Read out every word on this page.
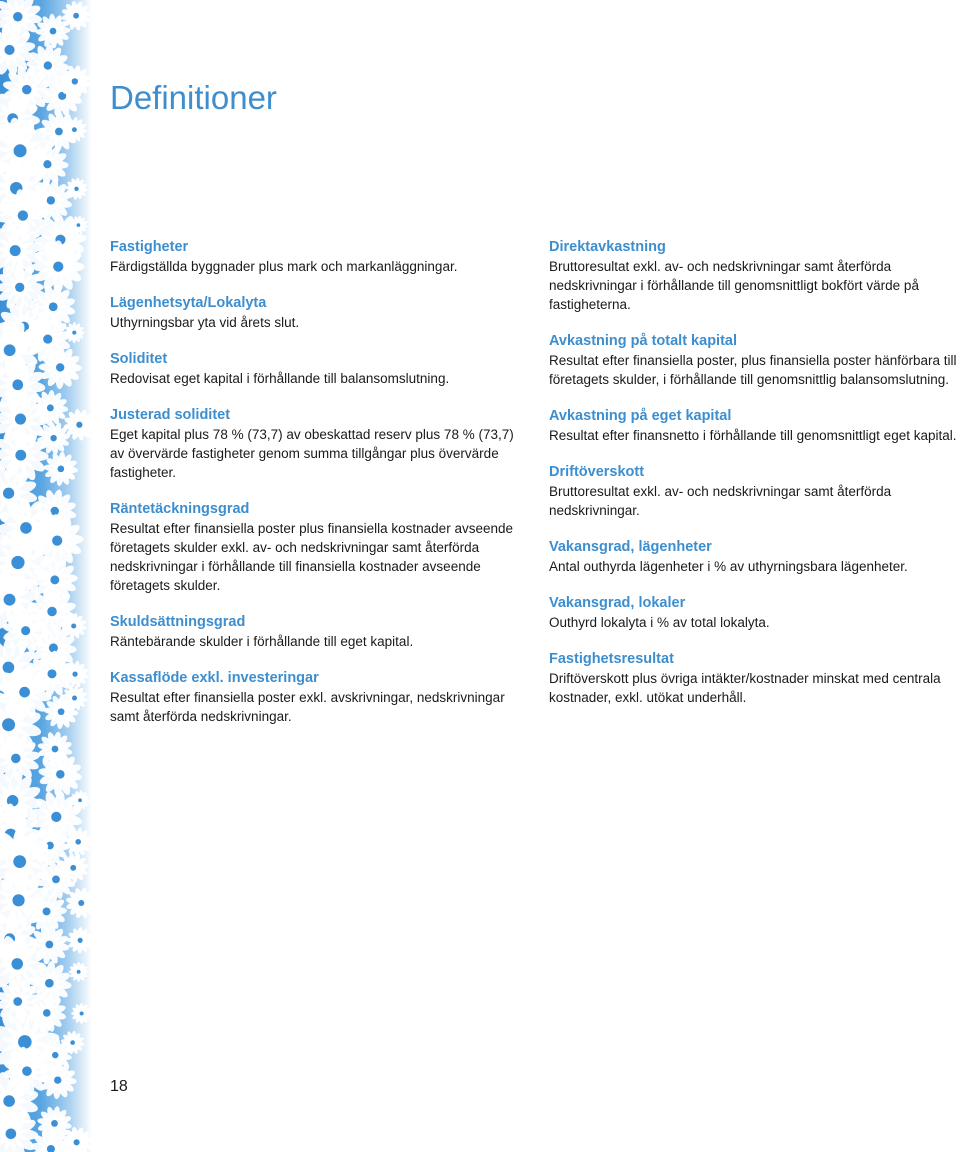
Definitioner
Fastigheter
Färdigställda byggnader plus mark och markanläggningar.
Lägenhetsyta/Lokalyta
Uthyrningsbar yta vid årets slut.
Soliditet
Redovisat eget kapital i förhållande till balansomslutning.
Justerad soliditet
Eget kapital plus 78 % (73,7) av obeskattad reserv plus 78 % (73,7) av övervärde fastigheter genom summa tillgångar plus övervärde fastigheter.
Räntetäckningsgrad
Resultat efter finansiella poster plus finansiella kostnader avseende företagets skulder exkl. av- och nedskrivningar samt återförda nedskrivningar i förhållande till finansiella kostnader avseende företagets skulder.
Skuldsättningsgrad
Räntebärande skulder i förhållande till eget kapital.
Kassaflöde exkl. investeringar
Resultat efter finansiella poster exkl. avskrivningar, nedskrivningar samt återförda nedskrivningar.
Direktavkastning
Bruttoresultat exkl. av- och nedskrivningar samt återförda nedskrivningar i förhållande till genomsnittligt bokfört värde på fastigheterna.
Avkastning på totalt kapital
Resultat efter finansiella poster, plus finansiella poster hänförbara till företagets skulder, i förhållande till genomsnittlig balansomslutning.
Avkastning på eget kapital
Resultat efter finansnetto i förhållande till genomsnittligt eget kapital.
Driftöverskott
Bruttoresultat exkl. av- och nedskrivningar samt återförda nedskrivningar.
Vakansgrad, lägenheter
Antal outhyrda lägenheter i % av uthyrningsbara lägenheter.
Vakansgrad, lokaler
Outhyrd lokalyta i % av total lokalyta.
Fastighetsresultat
Driftöverskott plus övriga intäkter/kostnader minskat med centrala kostnader, exkl. utökat underhåll.
18
